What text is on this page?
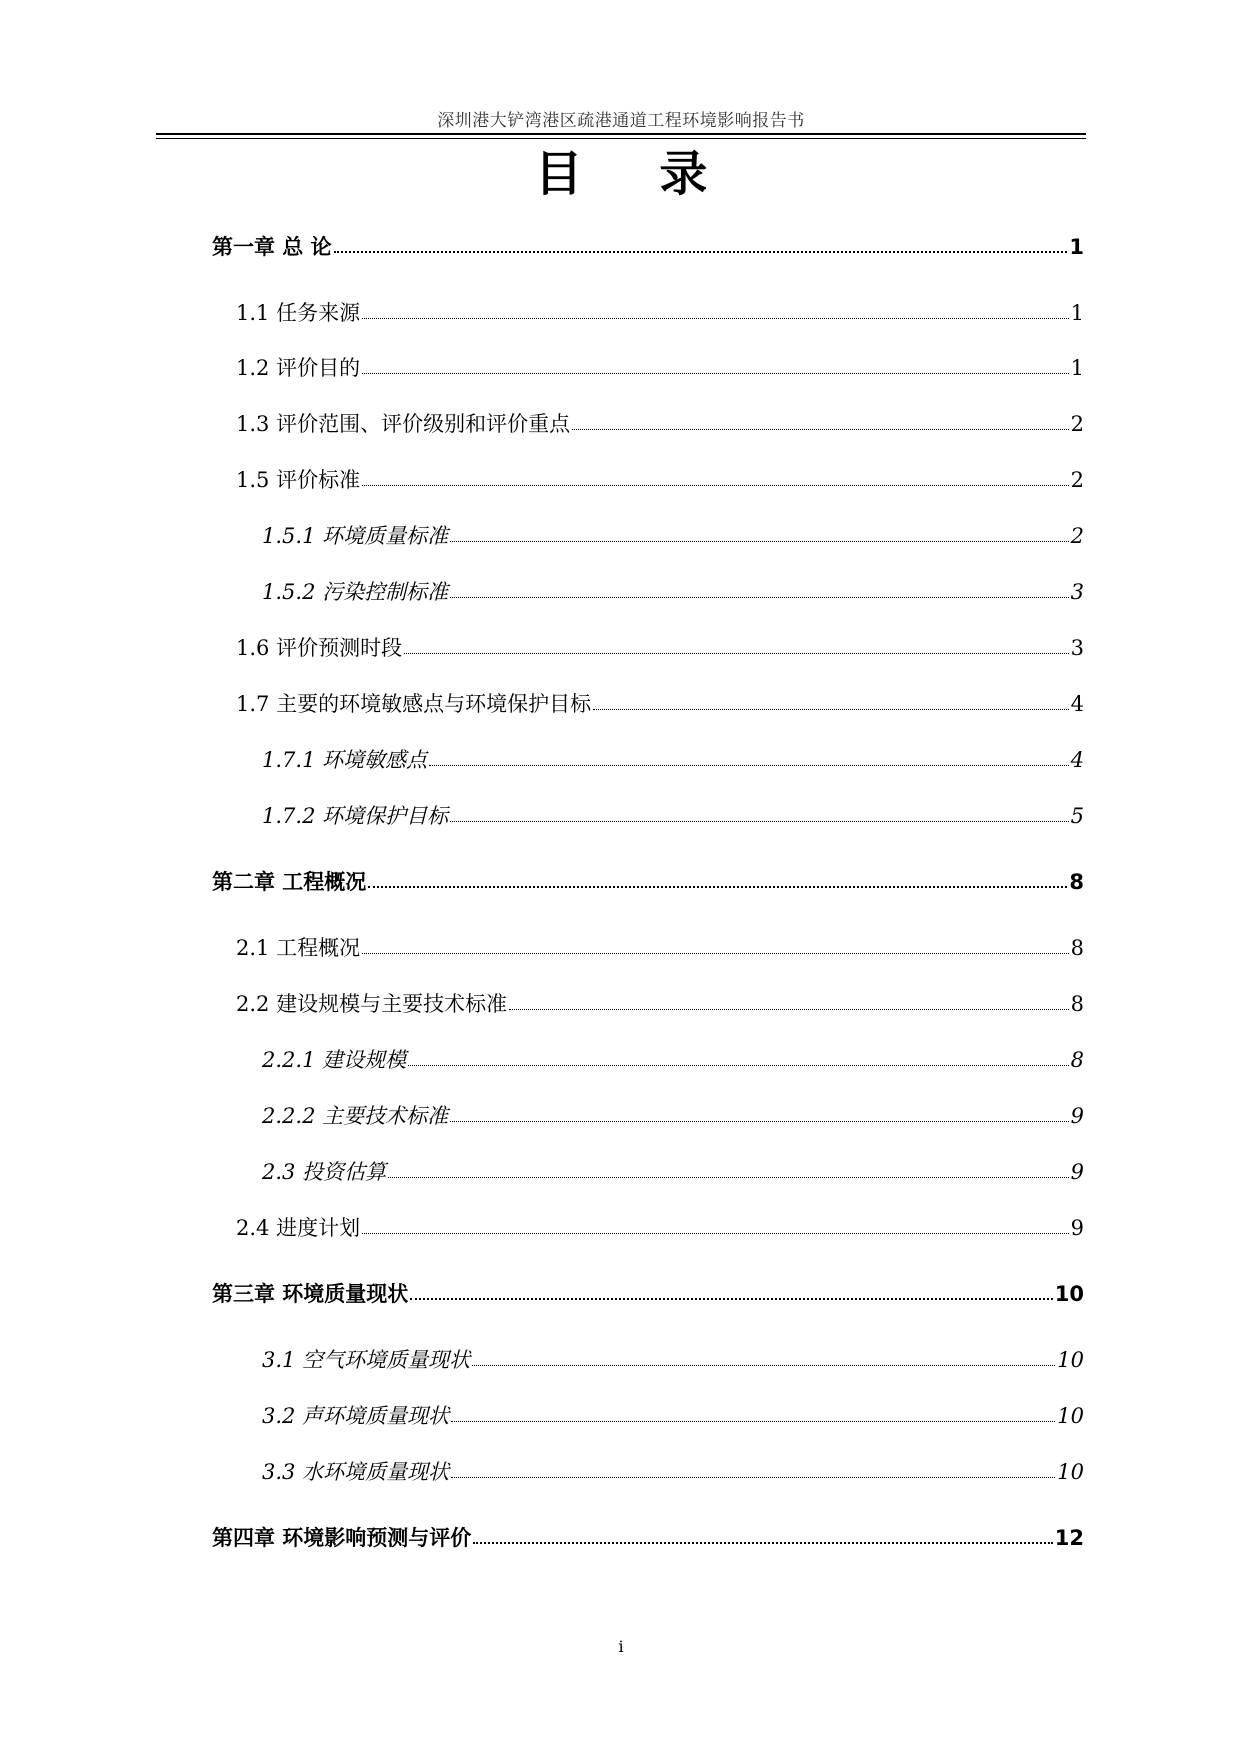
深圳港大铲湾港区疏港通道工程环境影响报告书
目 录
第一章 总 论	1
1.1 任务来源	1
1.2 评价目的	1
1.3 评价范围、评价级别和评价重点	2
1.5 评价标准	2
1.5.1 环境质量标准	2
1.5.2 污染控制标准	3
1.6 评价预测时段	3
1.7 主要的环境敏感点与环境保护目标	4
1.7.1 环境敏感点	4
1.7.2 环境保护目标	5
第二章 工程概况	8
2.1 工程概况	8
2.2 建设规模与主要技术标准	8
2.2.1 建设规模	8
2.2.2 主要技术标准	9
2.3 投资估算	9
2.4 进度计划	9
第三章 环境质量现状	10
3.1 空气环境质量现状	10
3.2 声环境质量现状	10
3.3 水环境质量现状	10
第四章 环境影响预测与评价	12
i
